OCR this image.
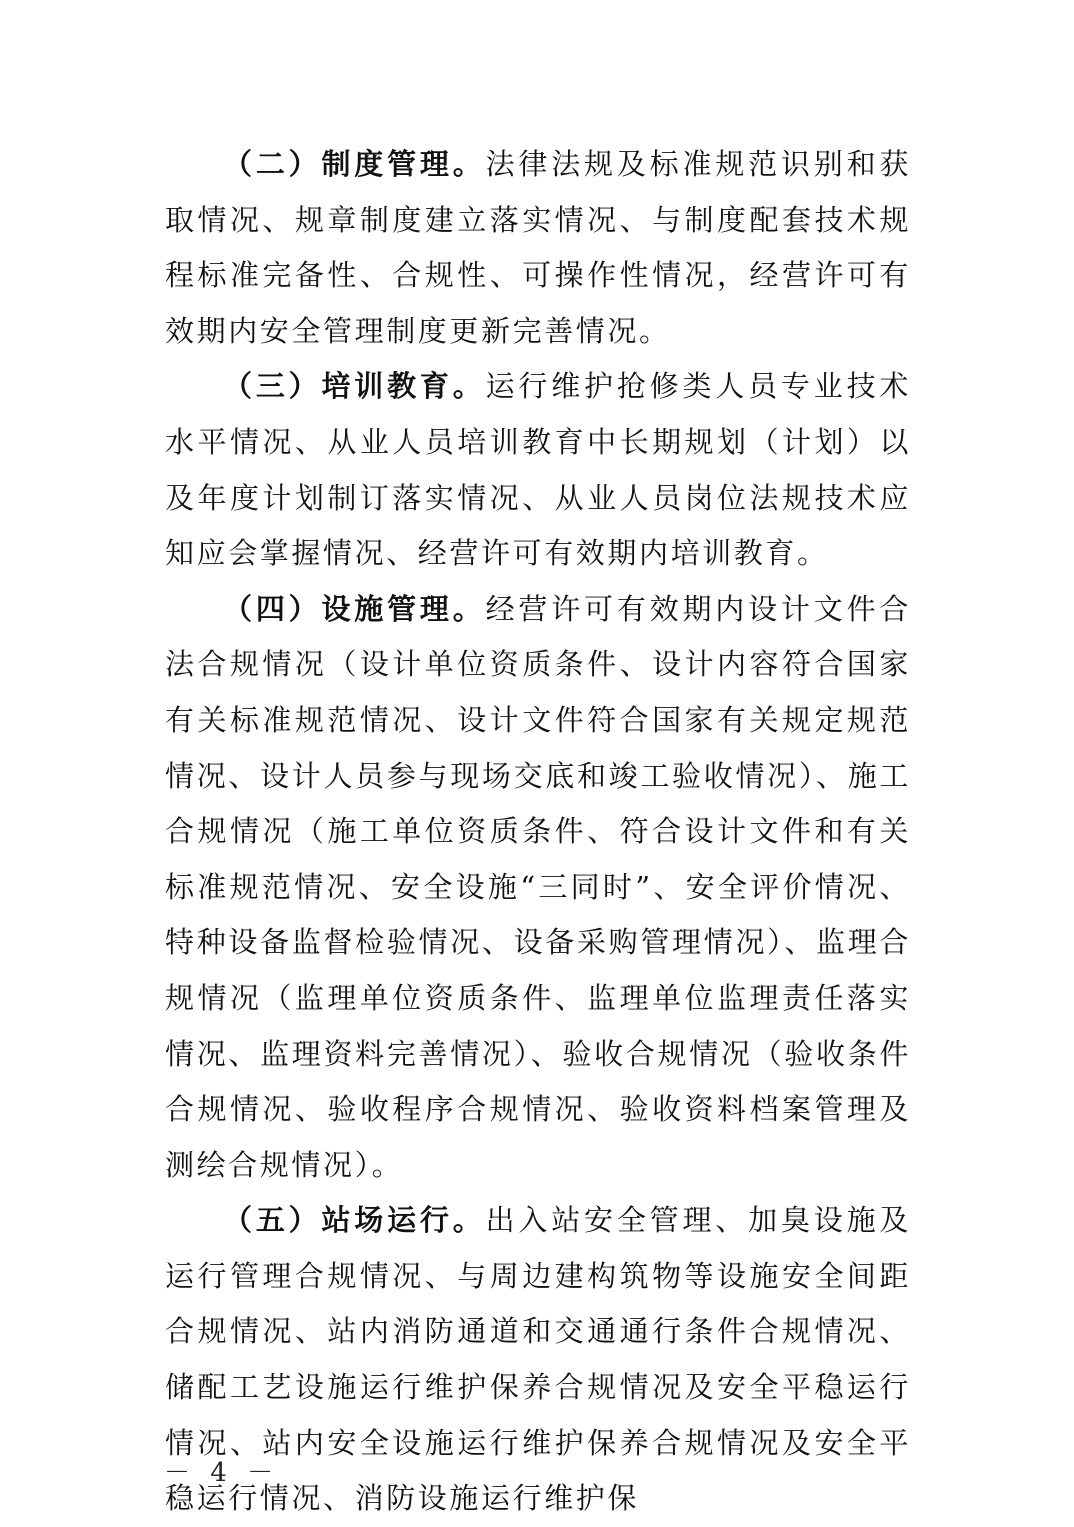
（二）制度管理。法律法规及标准规范识别和获取情况、规章制度建立落实情况、与制度配套技术规程标准完备性、合规性、可操作性情况，经营许可有效期内安全管理制度更新完善情况。

（三）培训教育。运行维护抢修类人员专业技术水平情况、从业人员培训教育中长期规划（计划）以及年度计划制订落实情况、从业人员岗位法规技术应知应会掌握情况、经营许可有效期内培训教育。

（四）设施管理。经营许可有效期内设计文件合法合规情况（设计单位资质条件、设计内容符合国家有关标准规范情况、设计文件符合国家有关规定规范情况、设计人员参与现场交底和竣工验收情况）、施工合规情况（施工单位资质条件、符合设计文件和有关标准规范情况、安全设施“三同时”、安全评价情况、特种设备监督检验情况、设备采购管理情况）、监理合规情况（监理单位资质条件、监理单位监理责任落实情况、监理资料完善情况）、验收合规情况（验收条件合规情况、验收程序合规情况、验收资料档案管理及测绘合规情况）。

（五）站场运行。出入站安全管理、加臭设施及运行管理合规情况、与周边建构筑物等设施安全间距合规情况、站内消防通道和交通通行条件合规情况、储配工艺设施运行维护保养合规情况及安全平稳运行情况、站内安全设施运行维护保养合规情况及安全平稳运行情况、消防设施运行维护保

－ 4 －
